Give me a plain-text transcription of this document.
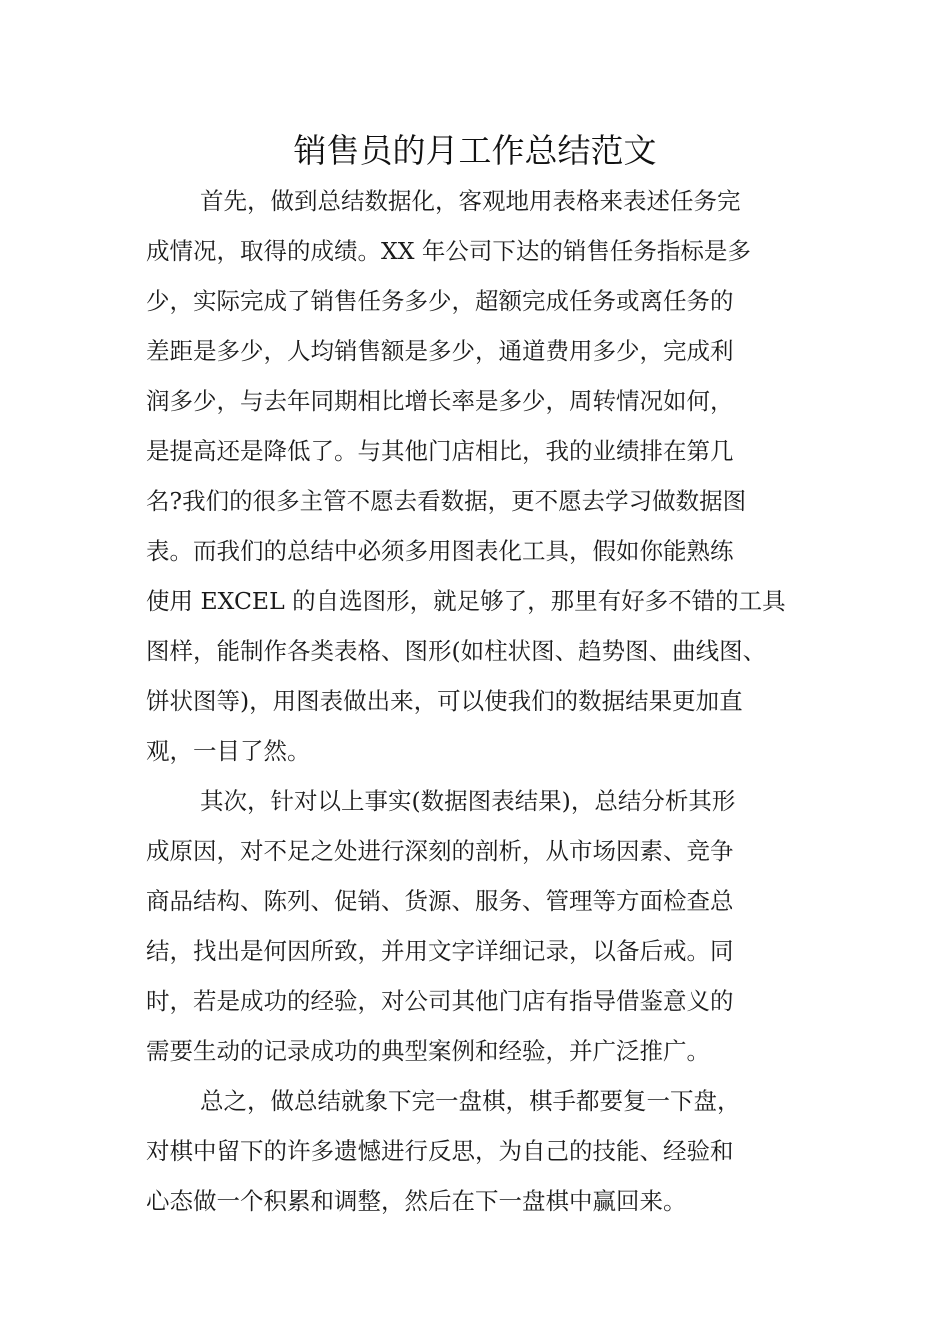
销售员的月工作总结范文
首先，做到总结数据化，客观地用表格来表述任务完
成情况，取得的成绩。XX 年公司下达的销售任务指标是多
少，实际完成了销售任务多少，超额完成任务或离任务的
差距是多少，人均销售额是多少，通道费用多少，完成利
润多少，与去年同期相比增长率是多少，周转情况如何，
是提高还是降低了。与其他门店相比，我的业绩排在第几
名?我们的很多主管不愿去看数据，更不愿去学习做数据图
表。而我们的总结中必须多用图表化工具，假如你能熟练
使用 EXCEL 的自选图形，就足够了，那里有好多不错的工具
图样，能制作各类表格、图形(如柱状图、趋势图、曲线图、
饼状图等)，用图表做出来，可以使我们的数据结果更加直
观，一目了然。
其次，针对以上事实(数据图表结果)，总结分析其形
成原因，对不足之处进行深刻的剖析，从市场因素、竞争
商品结构、陈列、促销、货源、服务、管理等方面检查总
结，找出是何因所致，并用文字详细记录，以备后戒。同
时，若是成功的经验，对公司其他门店有指导借鉴意义的
需要生动的记录成功的典型案例和经验，并广泛推广。
总之，做总结就象下完一盘棋，棋手都要复一下盘，
对棋中留下的许多遗憾进行反思，为自己的技能、经验和
心态做一个积累和调整，然后在下一盘棋中赢回来。
